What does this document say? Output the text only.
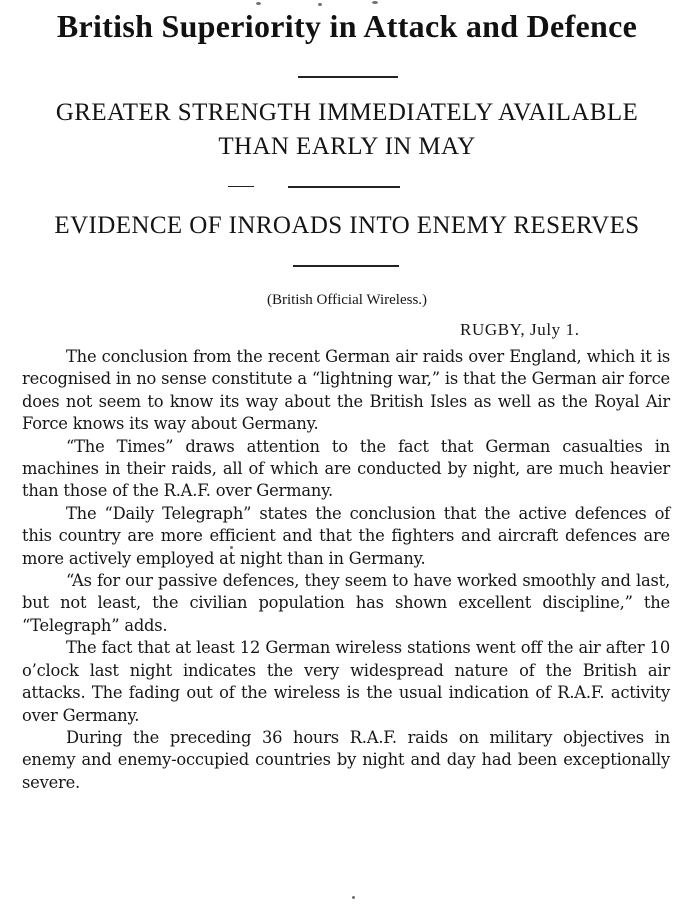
British Superiority in Attack and Defence
GREATER STRENGTH IMMEDIATELY AVAILABLE
THAN EARLY IN MAY
EVIDENCE OF INROADS INTO ENEMY RESERVES
(British Official Wireless.)
RUGBY, July 1.

The conclusion from the recent German air raids over England, which it is recognised in no sense constitute a “lightning war,” is that the German air force does not seem to know its way about the British Isles as well as the Royal Air Force knows its way about Germany.

“The Times” draws attention to the fact that German casualties in machines in their raids, all of which are conducted by night, are much heavier than those of the R.A.F. over Germany.

The “Daily Telegraph” states the conclusion that the active defences of this country are more efficient and that the fighters and aircraft defences are more actively employed at night than in Germany.

“As for our passive defences, they seem to have worked smoothly and last, but not least, the civilian population has shown excellent discipline,” the “Telegraph” adds.

The fact that at least 12 German wireless stations went off the air after 10 o’clock last night indicates the very widespread nature of the British air attacks. The fading out of the wireless is the usual indication of R.A.F. activity over Germany.

During the preceding 36 hours R.A.F. raids on military objectives in enemy and enemy-occupied countries by night and day had been exceptionally severe.
